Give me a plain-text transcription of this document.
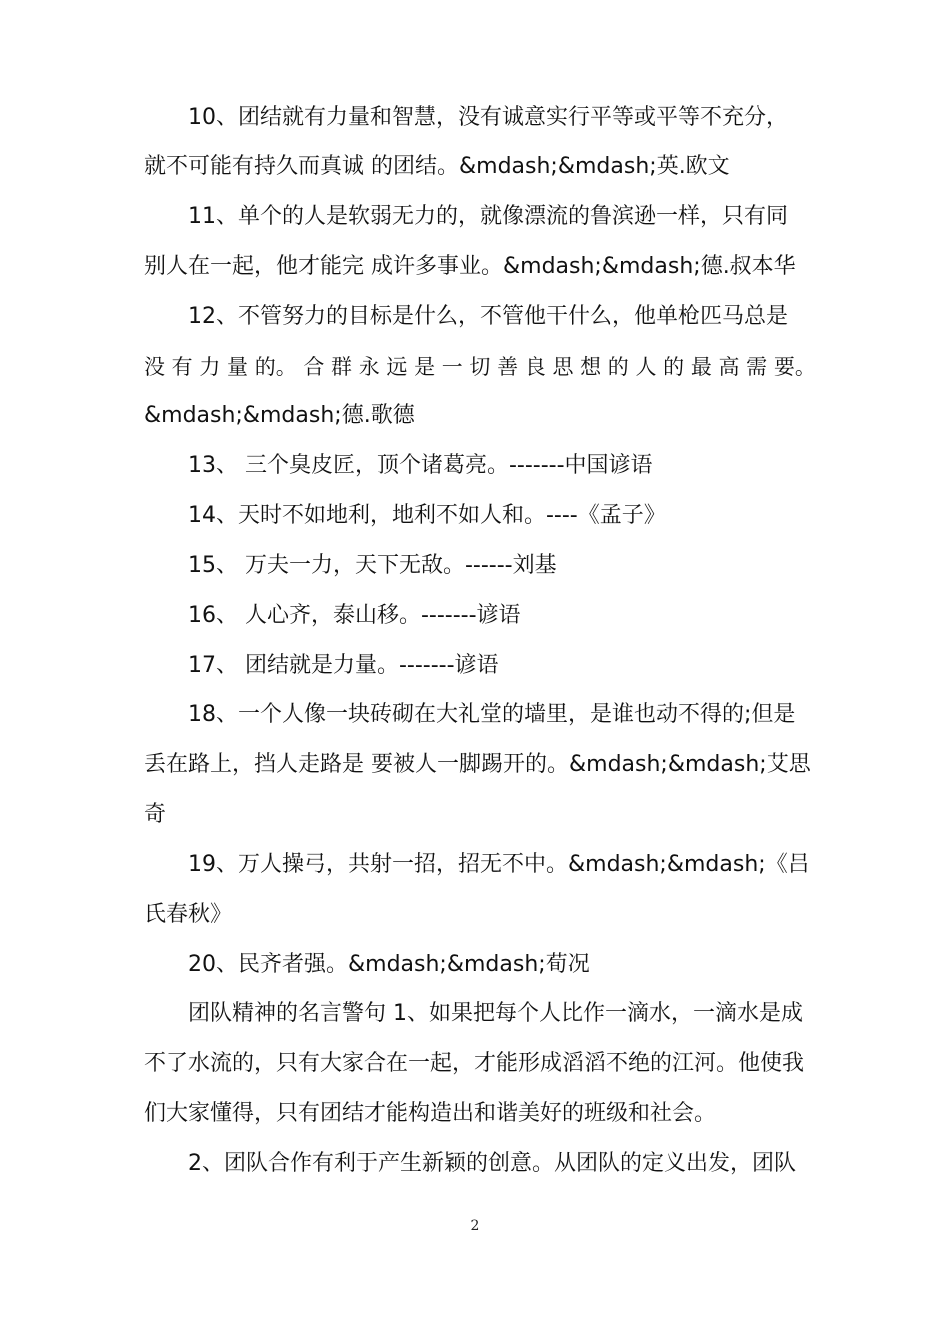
10、团结就有力量和智慧，没有诚意实行平等或平等不充分，
就不可能有持久而真诚 的团结。&mdash;&mdash;英.欧文
11、单个的人是软弱无力的，就像漂流的鲁滨逊一样，只有同
别人在一起，他才能完 成许多事业。&mdash;&mdash;德.叔本华
12、不管努力的目标是什么，不管他干什么，他单枪匹马总是
没 有 力 量 的。 合 群 永 远 是 一 切 善 良 思 想 的 人 的 最 高 需 要。
&mdash;&mdash;德.歌德
13、 三个臭皮匠，顶个诸葛亮。-------中国谚语
14、天时不如地利，地利不如人和。----《孟子》
15、 万夫一力，天下无敌。------刘基
16、 人心齐，泰山移。-------谚语
17、 团结就是力量。-------谚语
18、一个人像一块砖砌在大礼堂的墙里，是谁也动不得的;但是
丢在路上，挡人走路是 要被人一脚踢开的。&mdash;&mdash;艾思
奇
19、万人操弓，共射一招，招无不中。&mdash;&mdash;《吕
氏春秋》
20、民齐者强。&mdash;&mdash;荀况
团队精神的名言警句 1、如果把每个人比作一滴水，一滴水是成
不了水流的，只有大家合在一起，才能形成滔滔不绝的江河。他使我
们大家懂得，只有团结才能构造出和谐美好的班级和社会。
2、团队合作有利于产生新颖的创意。从团队的定义出发，团队
2
